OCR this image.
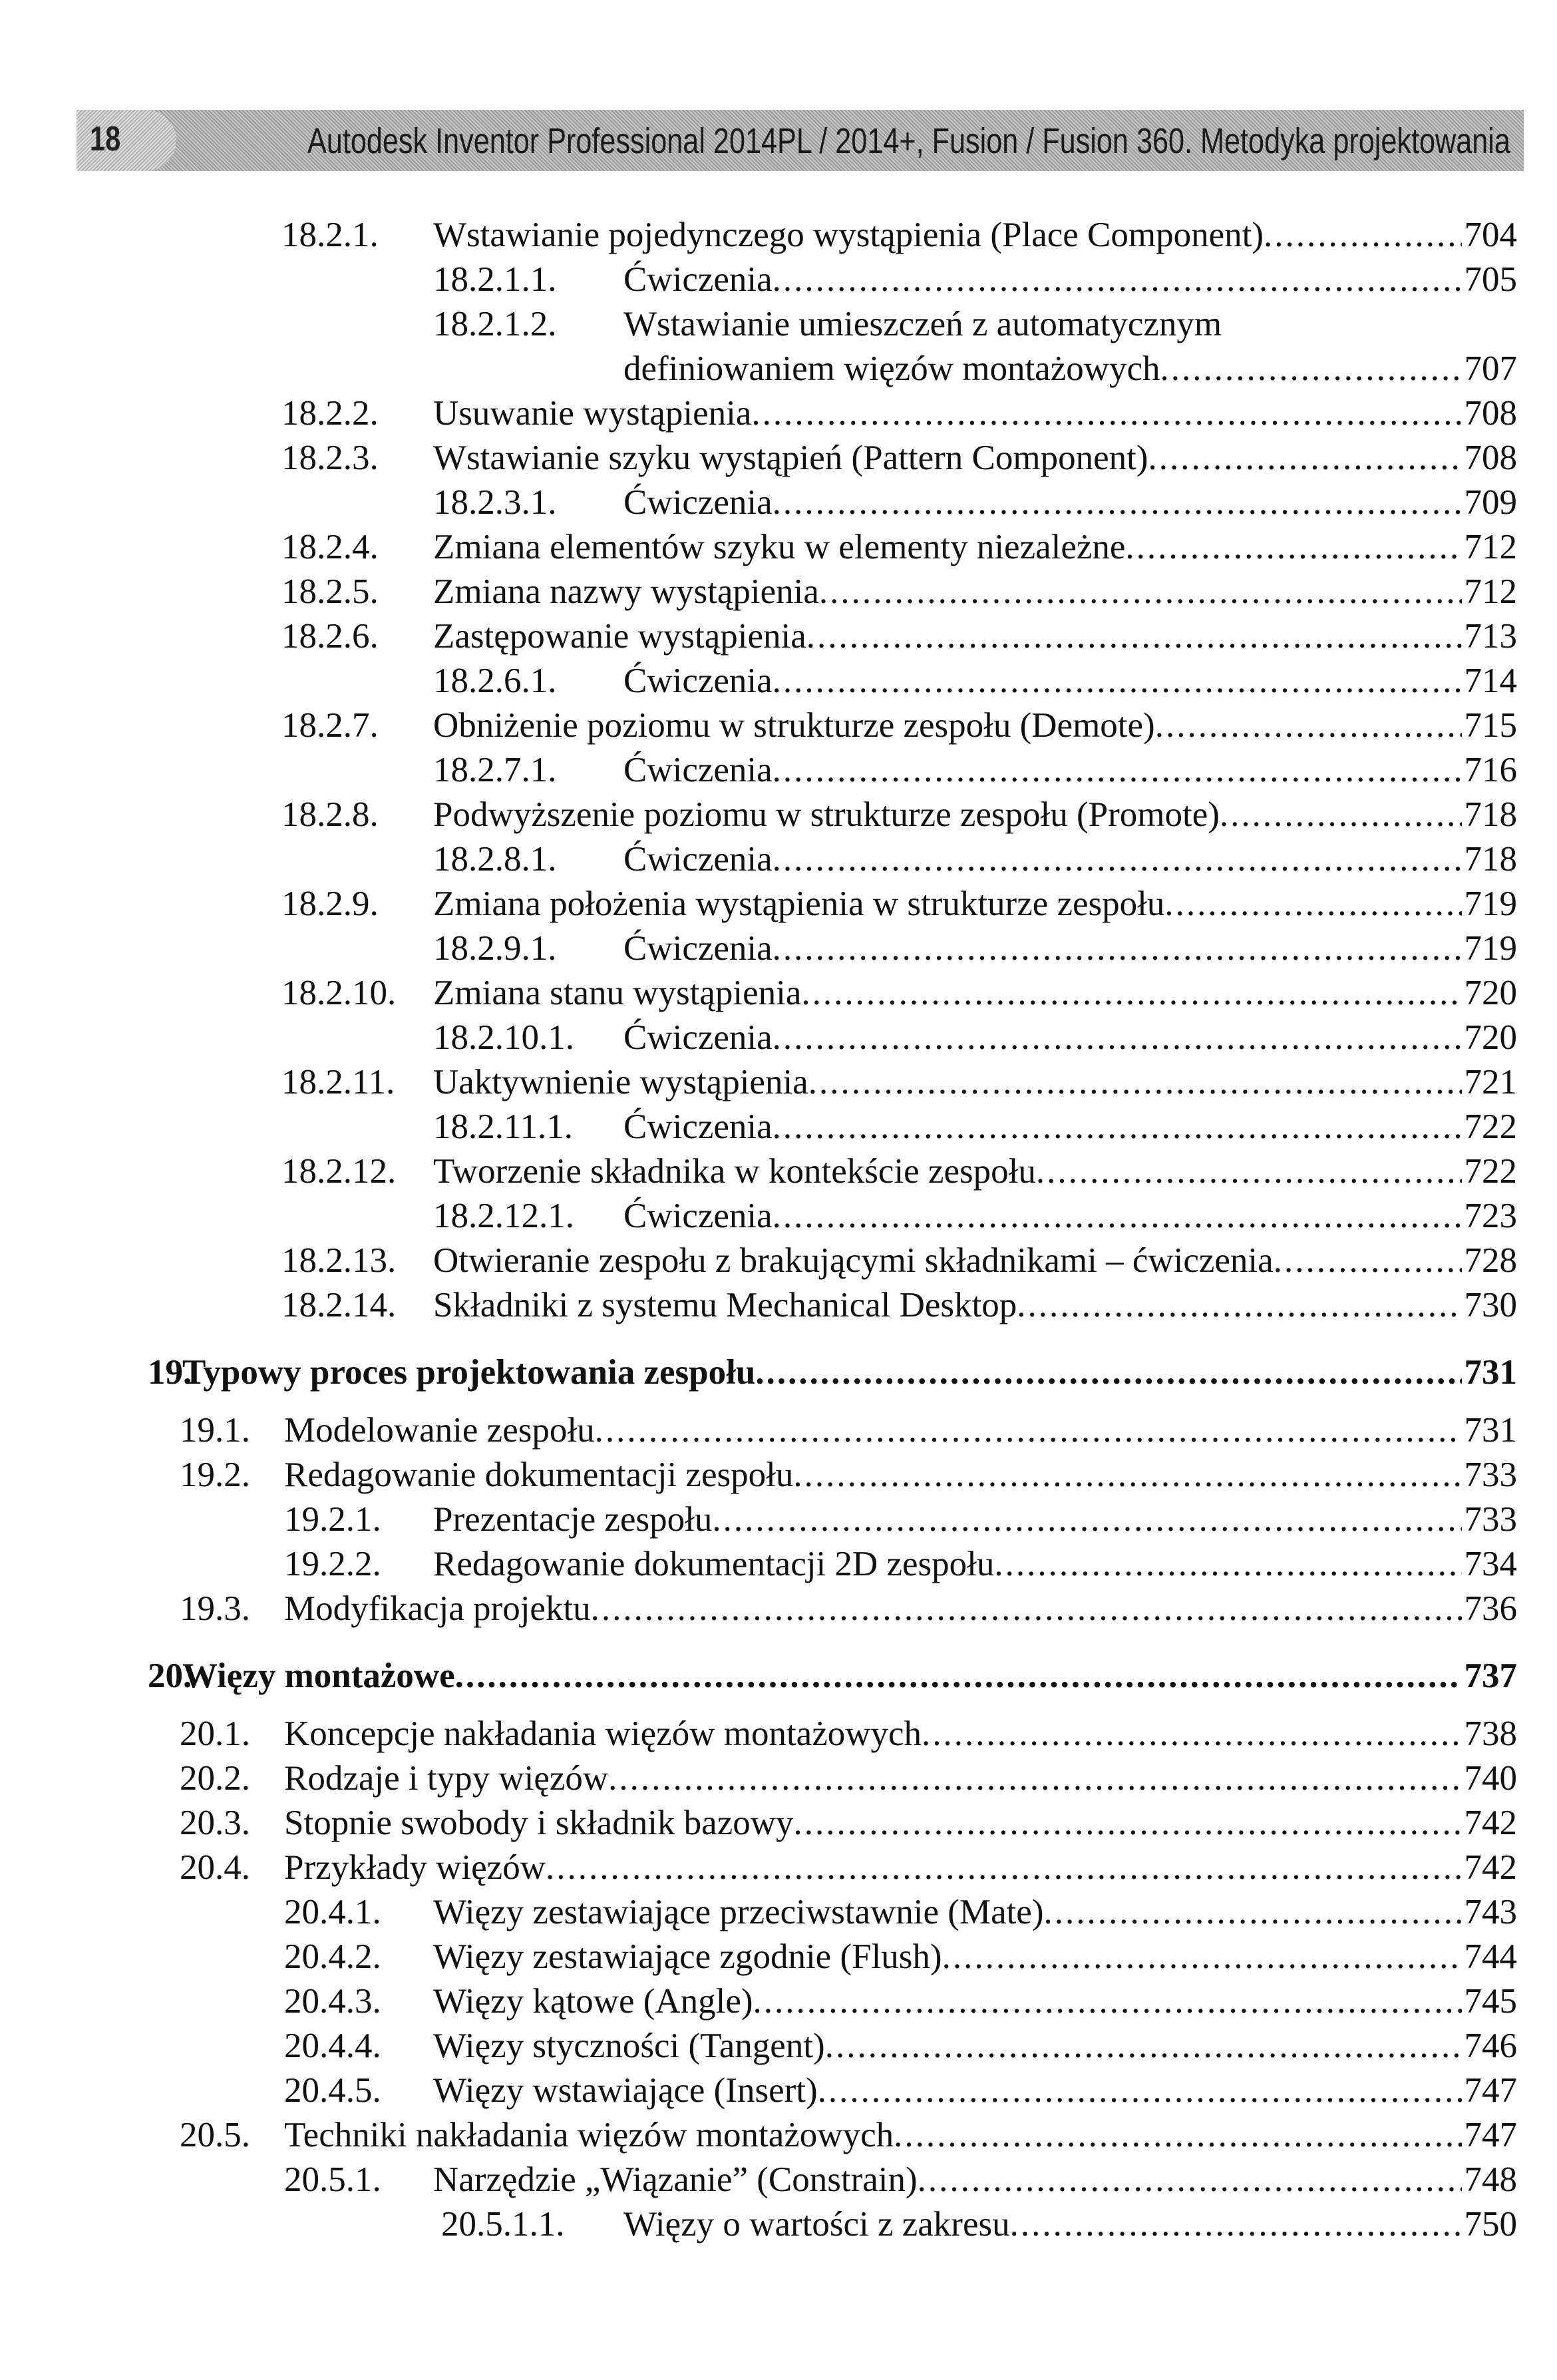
18	Autodesk Inventor Professional 2014PL / 2014+, Fusion / Fusion 360. Metodyka projektowania
18.2.1. Wstawianie pojedynczego wystąpienia (Place Component) .....	704
18.2.1.1. Ćwiczenia .....	705
18.2.1.2. Wstawianie umieszczeń z automatycznym
definiowaniem więzów montażowych .....	707
18.2.2. Usuwanie wystąpienia .....	708
18.2.3. Wstawianie szyku wystąpień (Pattern Component) .....	708
18.2.3.1. Ćwiczenia .....	709
18.2.4. Zmiana elementów szyku w elementy niezależne .....	712
18.2.5. Zmiana nazwy wystąpienia .....	712
18.2.6. Zastępowanie wystąpienia .....	713
18.2.6.1. Ćwiczenia .....	714
18.2.7. Obniżenie poziomu w strukturze zespołu (Demote) .....	715
18.2.7.1. Ćwiczenia .....	716
18.2.8. Podwyższenie poziomu w strukturze zespołu (Promote) .....	718
18.2.8.1. Ćwiczenia .....	718
18.2.9. Zmiana położenia wystąpienia w strukturze zespołu .....	719
18.2.9.1. Ćwiczenia .....	719
18.2.10. Zmiana stanu wystąpienia .....	720
18.2.10.1. Ćwiczenia .....	720
18.2.11. Uaktywnienie wystąpienia .....	721
18.2.11.1. Ćwiczenia .....	722
18.2.12. Tworzenie składnika w kontekście zespołu .....	722
18.2.12.1. Ćwiczenia .....	723
18.2.13. Otwieranie zespołu z brakującymi składnikami – ćwiczenia .....	728
18.2.14. Składniki z systemu Mechanical Desktop .....	730
19.
Typowy proces projektowania zespołu .....	731
19.1. Modelowanie zespołu .....	731
19.2. Redagowanie dokumentacji zespołu .....	733
19.2.1. Prezentacje zespołu .....	733
19.2.2. Redagowanie dokumentacji 2D zespołu .....	734
19.3. Modyfikacja projektu .....	736
20.
Więzy montażowe .....	737
20.1. Koncepcje nakładania więzów montażowych .....	738
20.2. Rodzaje i typy więzów .....	740
20.3. Stopnie swobody i składnik bazowy .....	742
20.4. Przykłady więzów .....	742
20.4.1. Więzy zestawiające przeciwstawnie (Mate) .....	743
20.4.2. Więzy zestawiające zgodnie (Flush) .....	744
20.4.3. Więzy kątowe (Angle) .....	745
20.4.4. Więzy styczności (Tangent) .....	746
20.4.5. Więzy wstawiające (Insert) .....	747
20.5. Techniki nakładania więzów montażowych .....	747
20.5.1. Narzędzie „Wiązanie” (Constrain) .....	748
20.5.1.1. Więzy o wartości z zakresu .....	750
